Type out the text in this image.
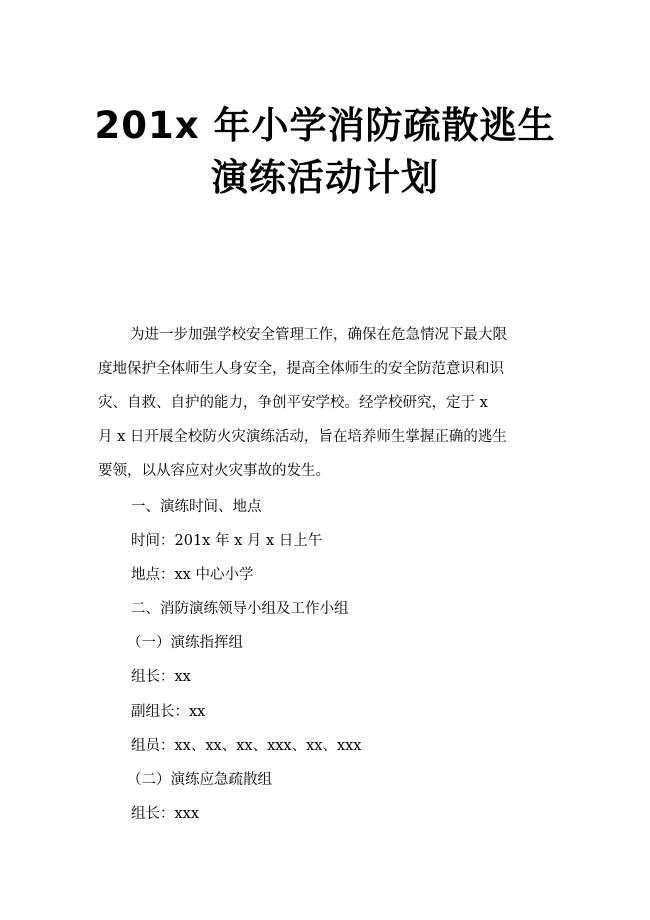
201x 年小学消防疏散逃生
演练活动计划
为进一步加强学校安全管理工作，确保在危急情况下最大限
度地保护全体师生人身安全，提高全体师生的安全防范意识和识
灾、自救、自护的能力，争创平安学校。经学校研究，定于 x
月 x 日开展全校防火灾演练活动，旨在培养师生掌握正确的逃生
要领，以从容应对火灾事故的发生。

一、演练时间、地点

时间：201x 年 x 月 x 日上午

地点：xx 中心小学

二、消防演练领导小组及工作小组

（一）演练指挥组

组长：xx

副组长：xx

组员：xx、xx、xx、xxx、xx、xxx

（二）演练应急疏散组

组长：xxx
